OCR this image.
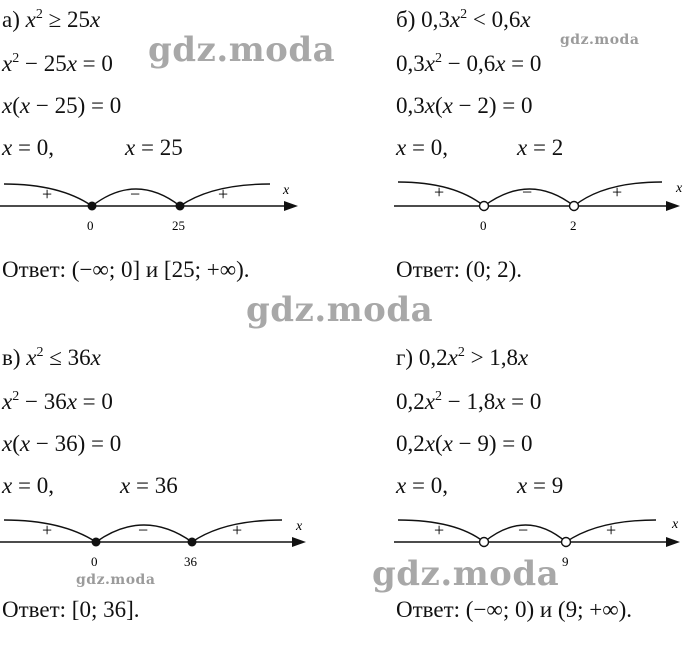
а) $x^2 \ge 25x$
$x^2 - 25x = 0$
x(x − 25) = 0
x = 0,	x = 25
+	−	+	x
0	25
Ответ: (−∞; 0] и [25; +∞).
б) $0,3x^2 < 0,6x$
$0,3x^2 - 0,6x = 0$
0,3x(x − 2) = 0
x = 0,	x = 2
+	−	+	x
0	2
Ответ: (0; 2).
в) $x^2 \le 36x$
$x^2 - 36x = 0$
x(x − 36) = 0
x = 0,	x = 36
+	−	+	x
0	36
Ответ: [0; 36].
г) $0,2x^2 > 1,8x$
$0,2x^2 - 1,8x = 0$
0,2x(x − 9) = 0
x = 0,	x = 9
+	−	+	x
9
Ответ: (−∞; 0) и (9; +∞).
gdz.moda	gdz.moda
gdz.moda
gdz.moda	gdz.moda
